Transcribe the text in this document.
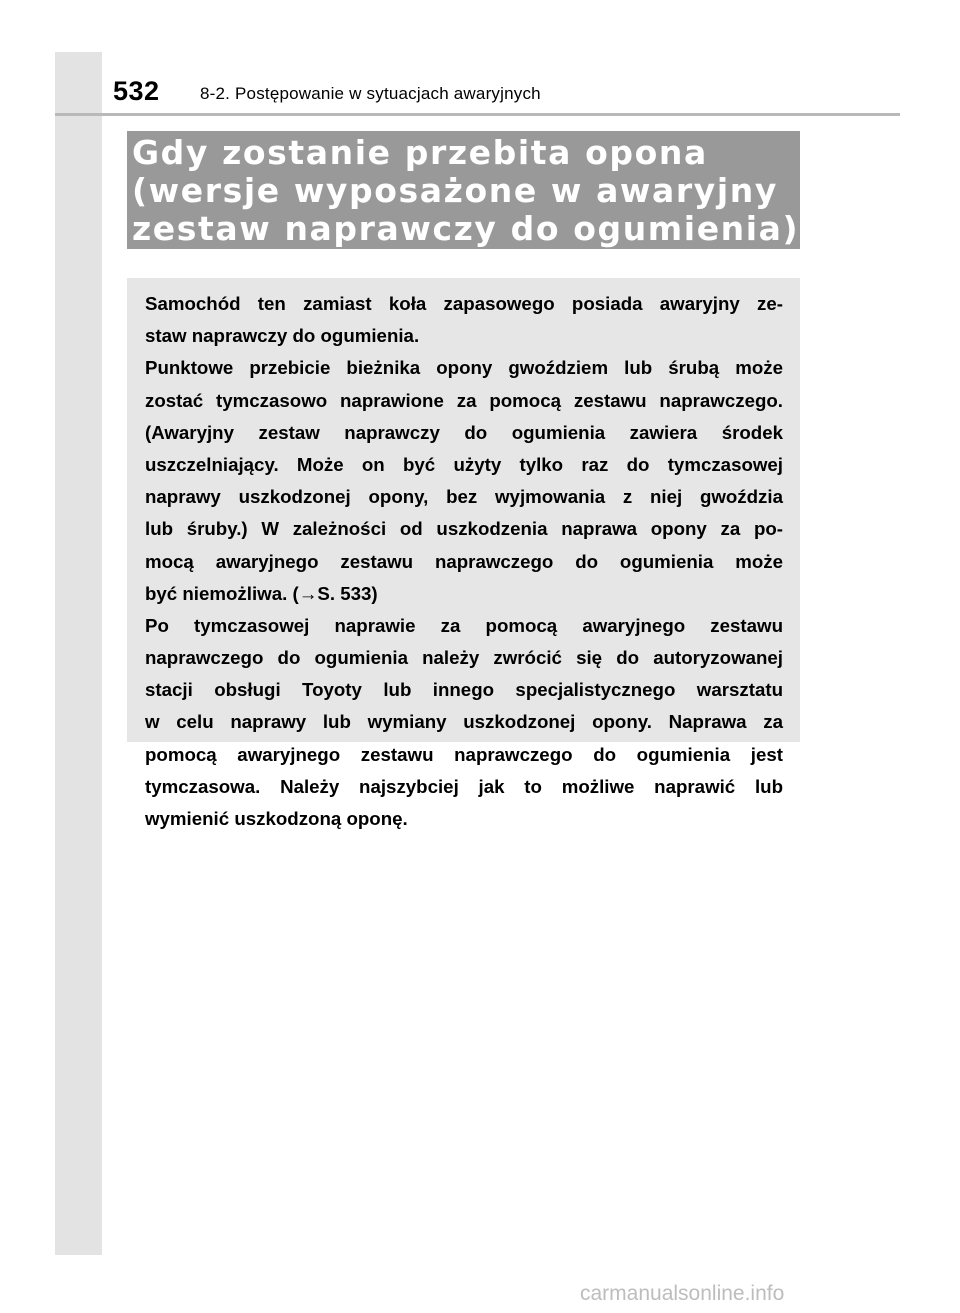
532 8-2. Postępowanie w sytuacjach awaryjnych
Gdy zostanie przebita opona
(wersje wyposażone w awaryjny
zestaw naprawczy do ogumienia)
Samochód ten zamiast koła zapasowego posiada awaryjny ze-
staw naprawczy do ogumienia.
Punktowe przebicie bieżnika opony gwoździem lub śrubą może
zostać tymczasowo naprawione za pomocą zestawu naprawczego.
(Awaryjny zestaw naprawczy do ogumienia zawiera środek
uszczelniający. Może on być użyty tylko raz do tymczasowej
naprawy uszkodzonej opony, bez wyjmowania z niej gwoździa
lub śruby.) W zależności od uszkodzenia naprawa opony za po-
mocą awaryjnego zestawu naprawczego do ogumienia może
być niemożliwa. (→S. 533)
Po tymczasowej naprawie za pomocą awaryjnego zestawu
naprawczego do ogumienia należy zwrócić się do autoryzowanej
stacji obsługi Toyoty lub innego specjalistycznego warsztatu
w celu naprawy lub wymiany uszkodzonej opony. Naprawa za
pomocą awaryjnego zestawu naprawczego do ogumienia jest
tymczasowa. Należy najszybciej jak to możliwe naprawić lub
wymienić uszkodzoną oponę.
carmanualsonline.info
